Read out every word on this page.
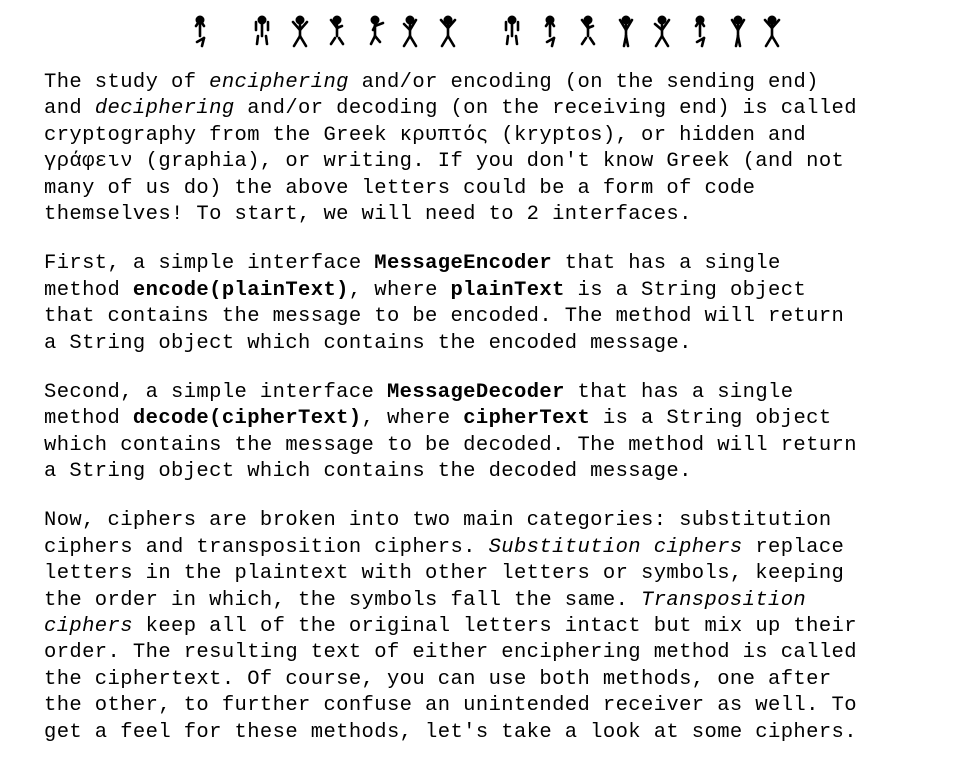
The study of enciphering and/or encoding (on the sending end)
and deciphering and/or decoding (on the receiving end) is called
cryptography from the Greek κρυπτός (kryptos), or hidden and
γράφειν (graphia), or writing. If you don't know Greek (and not
many of us do) the above letters could be a form of code
themselves! To start, we will need to 2 interfaces.
First, a simple interface MessageEncoder that has a single
method encode(plainText), where plainText is a String object
that contains the message to be encoded. The method will return
a String object which contains the encoded message.
Second, a simple interface MessageDecoder that has a single
method decode(cipherText), where cipherText is a String object
which contains the message to be decoded. The method will return
a String object which contains the decoded message.
Now, ciphers are broken into two main categories: substitution
ciphers and transposition ciphers. Substitution ciphers replace
letters in the plaintext with other letters or symbols, keeping
the order in which, the symbols fall the same. Transposition
ciphers keep all of the original letters intact but mix up their
order. The resulting text of either enciphering method is called
the ciphertext. Of course, you can use both methods, one after
the other, to further confuse an unintended receiver as well. To
get a feel for these methods, let's take a look at some ciphers.
